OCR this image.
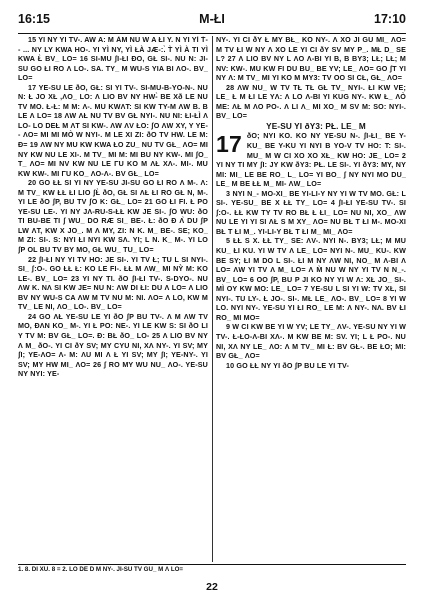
16:15	M-ŁI	17:10

15 YI NY YI TV-. AW A: M ÀM NU W A ŁI Y. N YI YÌ T̀-- ... NY LY KWA HO-. YI YÌ NY, YÌ ŁÀ JÆ-:.̀ T̀ YÌ À TI YÌ KWA Ł̀ BV_ LO= 16 SI-MU ʃI-ŁI ÐO, GŁ SI-. NU N: JI-SU GO ŁI RO Λ LO-. SA. TY_ M WU-S YIA BI ΛO-. BV_ LO=

17 YE-SU LE ðO, GŁ: SI YI TV-. SI-MU-B-YO-N-. NU N: Ł JO XŁ ,ΛO_ LO: Λ LIO BV NY HW-̀ BE Xð LE NU TV MO. Ł-Ł: M M: Λ-. MU KWΛT: SI KW TY-M ΛW B. B LE Λ LO= 18 ΛW ΛŁ NU TV BV GŁ NYI-. NU NI: ŁI-ŁÌ Λ LO- LO DEŁ M ΛT SI KW-. ΛW ΛV ŁO: ʃO ΛW XY, Y YE-- ΛO= MI MI MÒ W NYI-. M LE XI ZI: ðO TV HW. LE M: Ð= 19 ΛW NY MU KW KWA ŁO ZU_ NU TV GŁ_ ΛO= MI NY KW NU LE XI-. M TV_ MI M: MI BU NY KW-. MI ʃO_ T_ ΛO= MI NV KW NU LE ΓU KO M ΛŁ XΛ-. MI-. MU KW KW-. MI ΓU KO_ ΛO-Λ-. BV GŁ_ LO=

20 GO ŁŁ SI YI NY YE-SU JI-SU GO ŁI RO Λ M-. Λ: M TV_ KW ŁŁ ŁI LIO ʃŁ̀ ðO, GŁ SI ΛŁ ŁI RO GŁ N, M-. YI LE ðO ʃP, BU TV ʃO K: GŁ_ LO= 21 GO ŁI FI. Ł PO YE-SU LE-. YI NY JΛ-RU-S-ŁŁ KW JE SI-. ʃO WU: ðO TI BU-BE TI ʃ WU_ DO RÆ SI_ BE-. Ł: ðO Ð Λ̀ DU ʃP LW ΛT, KW X JO_. M Λ MY, ZI: N K. M_ BE-. SE; KO_ M ZI: SI-. S: NYI ŁI NYI KW SΛ. YI; L N. K_ M-. YI LO ʃP OL BU TV BY MO, GŁ WU_ TU_ LO=

22 ʃI-ŁI NY YI TV HO: JE SI-. YI TV Ł; TU L SI NYI-. SI_ ʃ:O-. GO ŁŁ Ł: KO LE FI-. ŁŁ M ΛW_ MI NỲ̀ M: KO LE-. BV_ LO= 23 YI NY TI. ðO ʃI-ŁI TV-. S-DYO-. NU ΛW K. NΛ SI KW JE= NU N: ΛW DI ŁI: DU Λ LO= Λ LIO BV NY WU-S CA ΛW M TV NU M: NI. ΛO= Λ LO, KW M TV_ LE NI, ΛO_ LO-. BV_ LO=

24 GO ΛŁ YE-SU LE YI ðO ʃP BU TV-. Λ M ΛW TV MO, ÐΛN KO_ M-. YI Ł PO: NE-. YI LE KW S: SI ðO LI Y TV M: BV GŁ_ LO=. Ð: BŁ ðO_ LO- 25 Λ LIO BV NY Λ M_ ðO-. YI CI ðY SV; MY CYU NI, XΛ NY-. YI SV; MY ʃI; YE-ΛO= Λ- M: ΛU MI Λ Ł YI SV; MY ʃI; YE-NY-. YI SV; MY HW MI_ ΛO= 26 ʃ RO MY WU NU_ ΛO-. YE-SU NY NYI: YE-

NY-. YI CI ðY Ł MY BŁ_ KO NY-. Λ XO JI GU MI_ ΛO= M TV ŁI W NY Λ XO LE YI CI ðY SV MY P_. MŁ D_ SE L? 27 Λ LIO BV NY L ΛO Λ-BI YI B, B BY3; LŁ; LŁ; M NV: KW-. MU KW FI DU BU_ BE YV; LE_ ΛO= GO ʃT YI NY Λ: M TV_ MI YI KO M MY3: TV OO SI CŁ, GŁ_ ΛO=

28 ΛW NU_ W TV TŁ TŁ GŁ TV_ NYI-. ŁI KW VE; LE_ Ł M ŁI LE YΛ: Λ LO Λ-BI YI KUG NY-. KW Ł_ ΛÒ ME: ΛŁ M ΛO PO-. Λ LI Λ_ MI XO_ M SV M: SO: NYI-. BV_ LO=

YE-SU YI ðY3: PŁ. LE_ M

17 ðO; NYI KO. KO NY YE-SU N-. ʃI-ŁI_ BE Y-KU_ BE Y-KU YI NYI B YO-V TV HO: T: SI-. MU_ M W CI XO XO XŁ_ KW HO: JE_ LO= 2 YI NY TI MY ʃI: JY KW ðY3: PŁ. LE SI-. YI ðY3: MY, NY MI: MI_ LE BE RO_ L_ LO= YI BO_ ʃ NY NYI MO DU_ LE_ M BE ŁŁ M_ MI- ΛW_ LO=

3 NYI N_- MO-XI_ BE YI-LI-Y NY YI W TV MO. GŁ: L SI-. YE-SU_ BE X ŁŁ TY_ LO= 4 ʃI-ŁI YE-SU TV-. SI ʃ:O-. ŁŁ KW TY TV RO BŁ Ł ŁI_ LO= NU NI, XO_ ΛW NU LE YI YI SI ΛŁ S M XY_ ΛO= NU BŁ T ŁI M-. MO-XI BŁ T ŁI M_. YI-LI-Y BŁ T ŁI M_ MI_ ΛO=

5 ŁŁ S X. ŁŁ TY_ SE: ΛV-. NYI N-. BY3; LŁ; M MU KU_ ŁI KU. YI W TV Λ LE_ LO= NYI N-. MU_ KU-. KW BE SY; ŁI M DO L SI-. ŁI M NY ΛW NI, NO_ M Λ-BI Λ LO= ΛW YI TV Λ M_ LO= Λ M̀ NU W NY YI TV N N_-. BV_ LO= 6 OO ʃP, BU P JI KO NY YI W Λ: XŁ JO_ SI-. MÌ OY KW MO: LE_ LO= 7 YE-SU L SI YI W: TV XŁ, SI NYI-. TU LY-. Ł JO-. SI-. MŁ LE_ ΛO-. BV_ LO= 8 YI W LO. NYI NY-. YE-SU YI ŁI RO_ LE M: Λ NY-. NΛ. BV ŁI RO_ MI MO=

9 W CI KW BE YI W YV; LE TY_ ΛV-. YE-SU NY YI W TV-. Ł-ŁO-Λ-BI XΛ-. M KW BE M: SV. YI; L Ł PO-. NU NI, XΛ NY LE_ ΛO: Λ M TV_ MI Ł: BV GŁ-. BE ŁO; MI: BV GŁ_ ΛO=

10 GO ŁŁ NY YI ðO ʃP BU LE YI TV-

1. 8. DI XU. 8 = 2. LO DE D M NY-. JI-SU TV GU_ M Λ LO=
22
